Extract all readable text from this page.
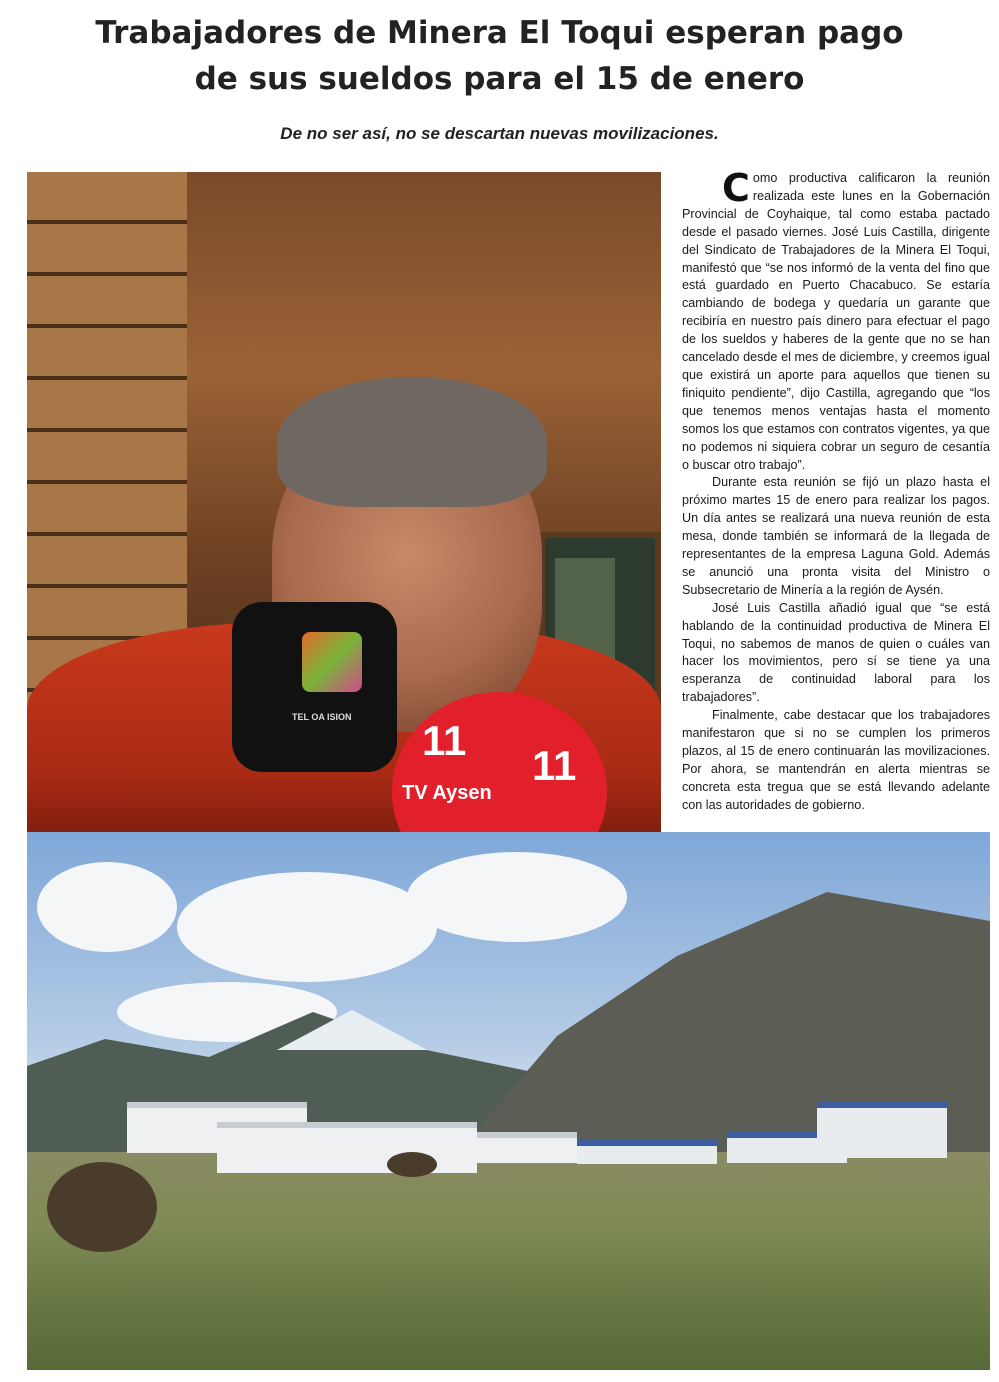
Trabajadores de Minera El Toqui esperan pago
de sus sueldos para el 15 de enero

De no ser así, no se descartan nuevas movilizaciones.

TEL OA ISION 11
11
TV Aysen

Como productiva calificaron la reunión realizada este lunes en la Gobernación Provincial de Coyhaique, tal como estaba pactado desde el pasado viernes. José Luis Castilla, dirigente del Sindicato de Trabajadores de la Minera El Toqui, manifestó que “se nos informó de la venta del fino que está guardado en Puerto Chacabuco. Se estaría cambiando de bodega y quedaría un garante que recibiría en nuestro país dinero para efectuar el pago de los sueldos y haberes de la gente que no se han cancelado desde el mes de diciembre, y creemos igual que existirá un aporte para aquellos que tienen su finiquito pendiente”, dijo Castilla, agregando que “los que tenemos menos ventajas hasta el momento somos los que estamos con contratos vigentes, ya que no podemos ni siquiera cobrar un seguro de cesantía o buscar otro trabajo”.

Durante esta reunión se fijó un plazo hasta el próximo martes 15 de enero para realizar los pagos. Un día antes se realizará una nueva reunión de esta mesa, donde también se informará de la llegada de representantes de la empresa Laguna Gold. Además se anunció una pronta visita del Ministro o Subsecretario de Minería a la región de Aysén.

José Luis Castilla añadió igual que “se está hablando de la continuidad productiva de Minera El Toqui, no sabemos de manos de quien o cuáles van hacer los movimientos, pero sí se tiene ya una esperanza de continuidad laboral para los trabajadores”.

Finalmente, cabe destacar que los trabajadores manifestaron que si no se cumplen los primeros plazos, al 15 de enero continuarán las movilizaciones. Por ahora, se mantendrán en alerta mientras se concreta esta tregua que se está llevando adelante con las autoridades de gobierno.
